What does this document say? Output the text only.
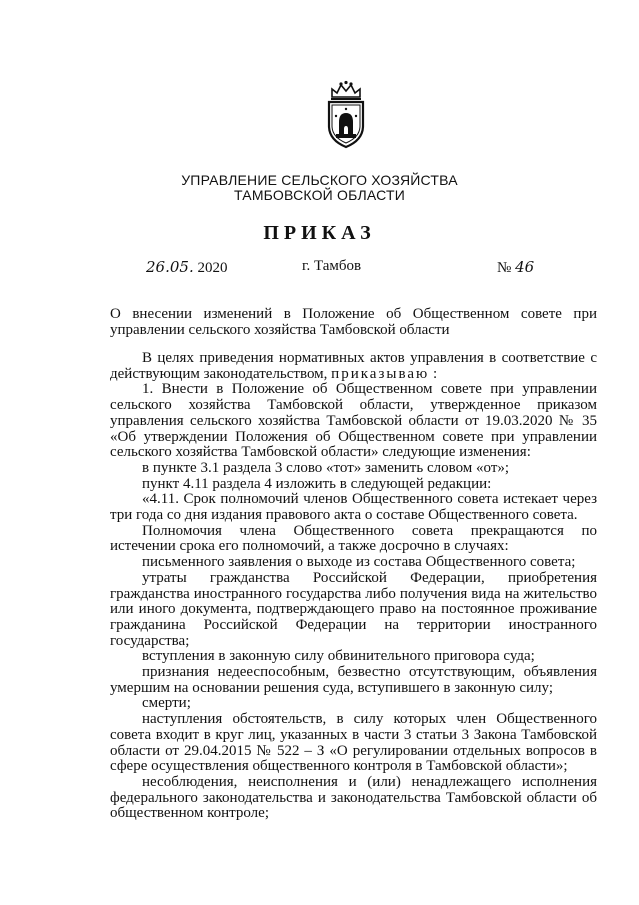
УПРАВЛЕНИЕ СЕЛЬСКОГО ХОЗЯЙСТВА
ТАМБОВСКОЙ ОБЛАСТИ
ПРИКАЗ
26.05. 2020	г. Тамбов	№ 46
О внесении изменений в Положение об Общественном совете при управлении сельского хозяйства Тамбовской области

В целях приведения нормативных актов управления в соответствие с действующим законодательством, приказываю :

1. Внести в Положение об Общественном совете при управлении сельского хозяйства Тамбовской области, утвержденное приказом управления сельского хозяйства Тамбовской области от 19.03.2020 № 35 «Об утверждении Положения об Общественном совете при управлении сельского хозяйства Тамбовской области» следующие изменения:

в пункте 3.1 раздела 3 слово «тот» заменить словом «от»;

пункт 4.11 раздела 4 изложить в следующей редакции:

«4.11. Срок полномочий членов Общественного совета истекает через три года со дня издания правового акта о составе Общественного совета.

Полномочия члена Общественного совета прекращаются по истечении срока его полномочий, а также досрочно в случаях:

письменного заявления о выходе из состава Общественного совета;

утраты гражданства Российской Федерации, приобретения гражданства иностранного государства либо получения вида на жительство или иного документа, подтверждающего право на постоянное проживание гражданина Российской Федерации на территории иностранного государства;

вступления в законную силу обвинительного приговора суда;

признания недееспособным, безвестно отсутствующим, объявления умершим на основании решения суда, вступившего в законную силу;

смерти;

наступления обстоятельств, в силу которых член Общественного совета входит в круг лиц, указанных в части 3 статьи 3 Закона Тамбовской области от 29.04.2015 № 522 – З «О регулировании отдельных вопросов в сфере осуществления общественного контроля в Тамбовской области»;

несоблюдения, неисполнения и (или) ненадлежащего исполнения федерального законодательства и законодательства Тамбовской области об общественном контроле;
